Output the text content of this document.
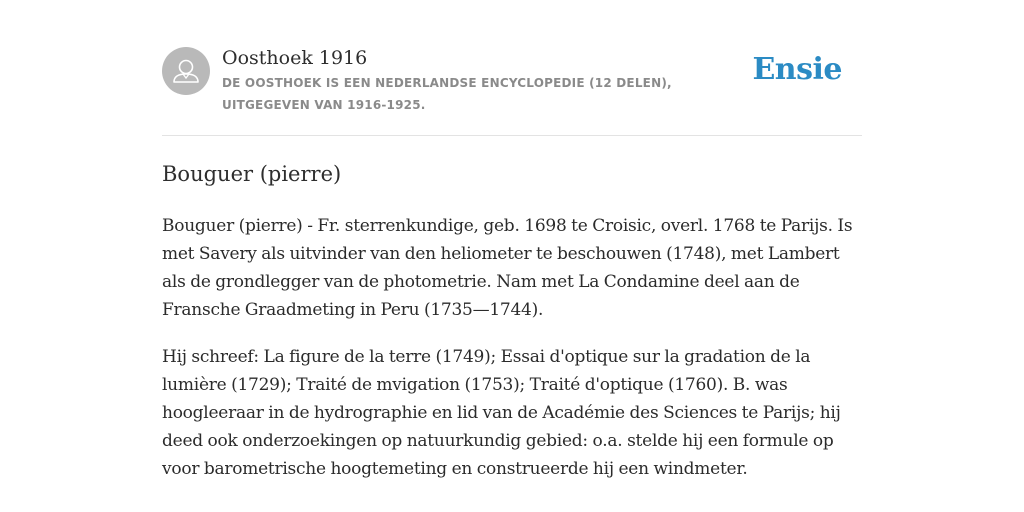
Oosthoek 1916
DE OOSTHOEK IS EEN NEDERLANDSE ENCYCLOPEDIE (12 DELEN), UITGEGEVEN VAN 1916-1925.
Ensie
Bouguer (pierre)

Bouguer (pierre) - Fr. sterrenkundige, geb. 1698 te Croisic, overl. 1768 te Parijs. Is met Savery als uitvinder van den heliometer te beschouwen (1748), met Lambert als de grondlegger van de photometrie. Nam met La Condamine deel aan de Fransche Graadmeting in Peru (1735—1744).

Hij schreef: La figure de la terre (1749); Essai d'optique sur la gradation de la lumière (1729); Traité de mvigation (1753); Traité d'optique (1760). B. was hoogleeraar in de hydrographie en lid van de Académie des Sciences te Parijs; hij deed ook onderzoekingen op natuurkundig gebied: o.a. stelde hij een formule op voor barometrische hoogtemeting en construeerde hij een windmeter.
